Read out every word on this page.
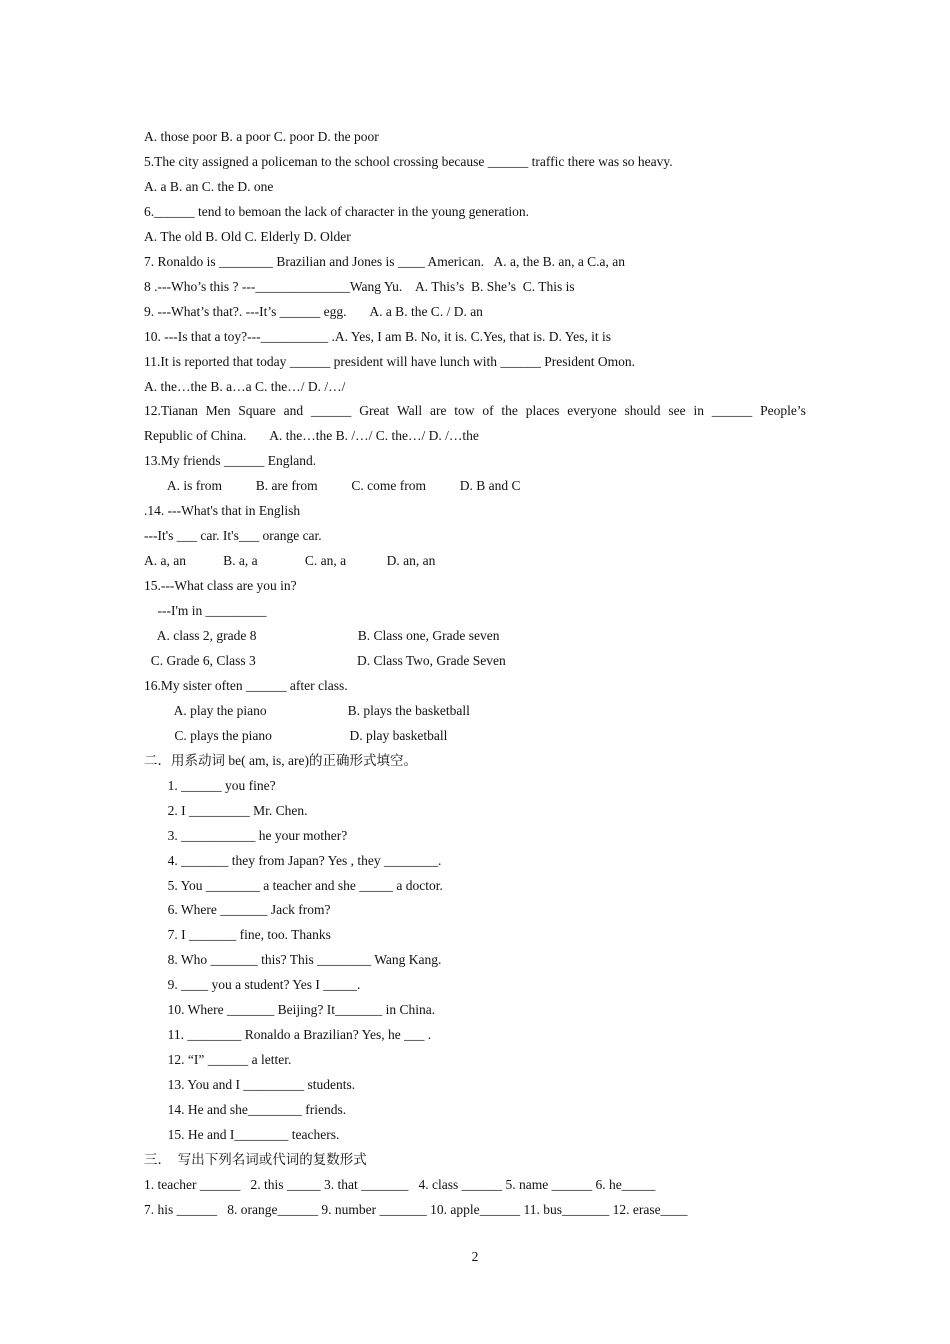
A. those poor B. a poor C. poor D. the poor
5.The city assigned a policeman to the school crossing because ______ traffic there was so heavy.
A. a B. an C. the D. one
6.______ tend to bemoan the lack of character in the young generation.
A. The old B. Old C. Elderly D. Older
7. Ronaldo is ________ Brazilian and Jones is ____ American.   A. a, the B. an, a C.a, an
8 .---Who’s this ? ---______________Wang Yu.    A. This’s  B. She’s  C. This is
9. ---What’s that?. ---It’s ______ egg.       A. a B. the C. / D. an
10. ---Is that a toy?---__________ .A. Yes, I am B. No, it is. C.Yes, that is. D. Yes, it is
11.It is reported that today ______ president will have lunch with ______ President Omon.
A. the…the B. a…a C. the…/ D. /…/
12.Tianan Men Square and ______ Great Wall are tow of the places everyone should see in ______ People’s
Republic of China.       A. the…the B. /…/ C. the…/ D. /…the
13.My friends ______ England.
A. is from          B. are from          C. come from          D. B and C
.14. ---What's that in English
---It's ___ car. It's___ orange car.
A. a, an           B. a, a              C. an, a            D. an, an
15.---What class are you in?
---I'm in _________
A. class 2, grade 8                              B. Class one, Grade seven
C. Grade 6, Class 3                              D. Class Two, Grade Seven
16.My sister often ______ after class.
A. play the piano                        B. plays the basketball
C. plays the piano                       D. play basketball
二．用系动词 be( am, is, are)的正确形式填空。
1. ______ you fine?
2. I _________ Mr. Chen.
3. ___________ he your mother?
4. _______ they from Japan? Yes , they ________.
5. You ________ a teacher and she _____ a doctor.
6. Where _______ Jack from?
7. I _______ fine, too. Thanks
8. Who _______ this? This ________ Wang Kang.
9. ____ you a student? Yes I _____.
10. Where _______ Beijing? It_______ in China.
11. ________ Ronaldo a Brazilian? Yes, he ___ .
12. “I” ______ a letter.
13. You and I _________ students.
14. He and she________ friends.
15. He and I________ teachers.
三．  写出下列名词或代词的复数形式
1. teacher ______   2. this _____ 3. that _______   4. class ______ 5. name ______ 6. he_____
7. his ______   8. orange______ 9. number _______ 10. apple______ 11. bus_______ 12. erase____
2
